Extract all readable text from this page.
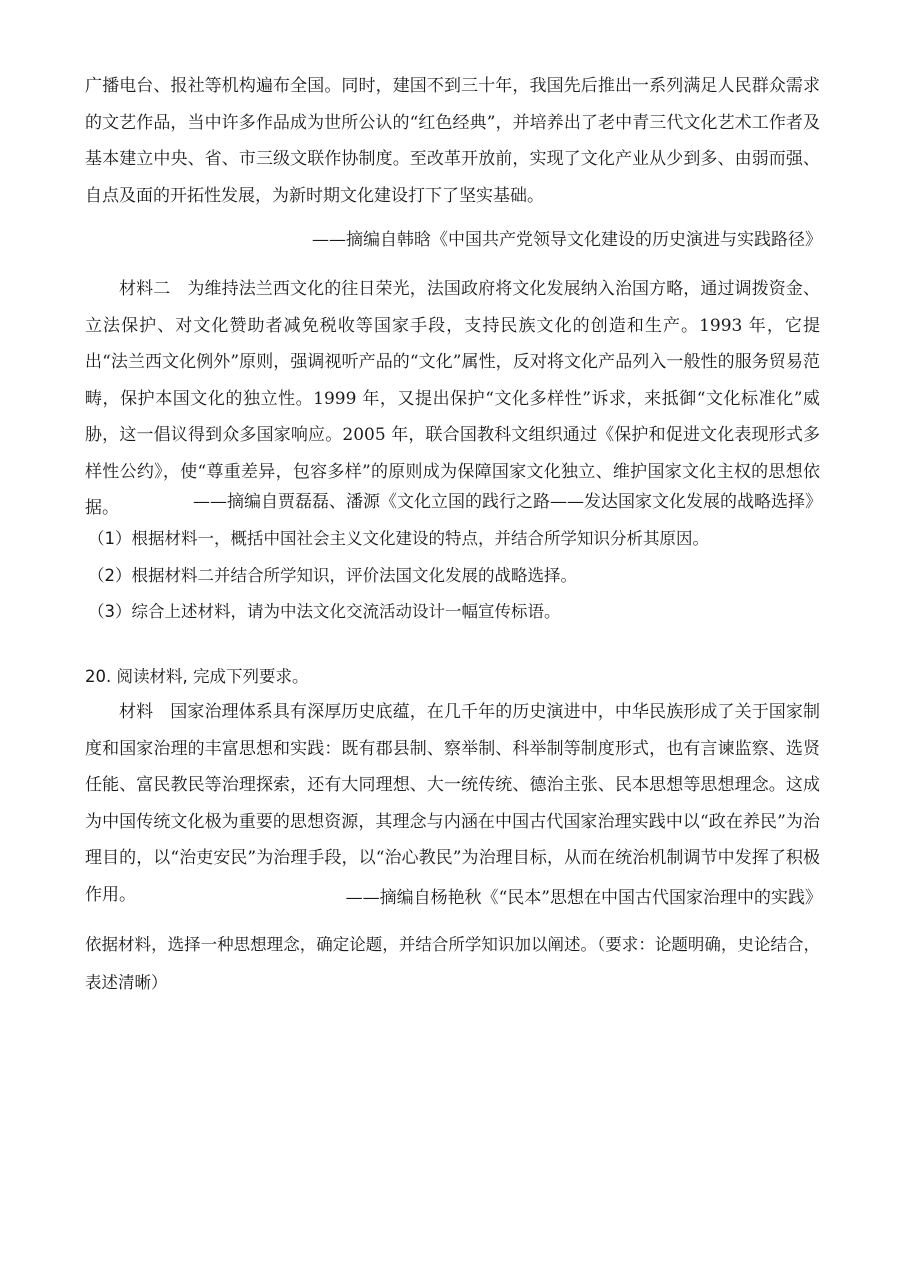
广播电台、报社等机构遍布全国。同时，建国不到三十年，我国先后推出一系列满足人民群众需求的文艺作品，当中许多作品成为世所公认的“红色经典”，并培养出了老中青三代文化艺术工作者及基本建立中央、省、市三级文联作协制度。至改革开放前，实现了文化产业从少到多、由弱而强、自点及面的开拓性发展，为新时期文化建设打下了坚实基础。

——摘编自韩晗《中国共产党领导文化建设的历史演进与实践路径》

材料二　为维持法兰西文化的往日荣光，法国政府将文化发展纳入治国方略，通过调拨资金、立法保护、对文化赞助者减免税收等国家手段，支持民族文化的创造和生产。1993 年，它提出“法兰西文化例外”原则，强调视听产品的“文化”属性，反对将文化产品列入一般性的服务贸易范畴，保护本国文化的独立性。1999 年，又提出保护“文化多样性”诉求，来抵御“文化标准化”威胁，这一倡议得到众多国家响应。2005 年，联合国教科文组织通过《保护和促进文化表现形式多样性公约》，使“尊重差异，包容多样”的原则成为保障国家文化独立、维护国家文化主权的思想依据。	——摘编自贾磊磊、潘源《文化立国的践行之路——发达国家文化发展的战略选择》

（1）根据材料一，概括中国社会主义文化建设的特点，并结合所学知识分析其原因。

（2）根据材料二并结合所学知识，评价法国文化发展的战略选择。

（3）综合上述材料，请为中法文化交流活动设计一幅宣传标语。

20. 阅读材料, 完成下列要求。

材料　国家治理体系具有深厚历史底蕴，在几千年的历史演进中，中华民族形成了关于国家制度和国家治理的丰富思想和实践：既有郡县制、察举制、科举制等制度形式，也有言谏监察、选贤任能、富民教民等治理探索，还有大同理想、大一统传统、德治主张、民本思想等思想理念。这成为中国传统文化极为重要的思想资源，其理念与内涵在中国古代国家治理实践中以“政在养民”为治理目的，以“治吏安民”为治理手段，以“治心教民”为治理目标，从而在统治机制调节中发挥了积极作用。	——摘编自杨艳秋《“民本”思想在中国古代国家治理中的实践》

依据材料，选择一种思想理念，确定论题，并结合所学知识加以阐述。（要求：论题明确，史论结合，表述清晰）
